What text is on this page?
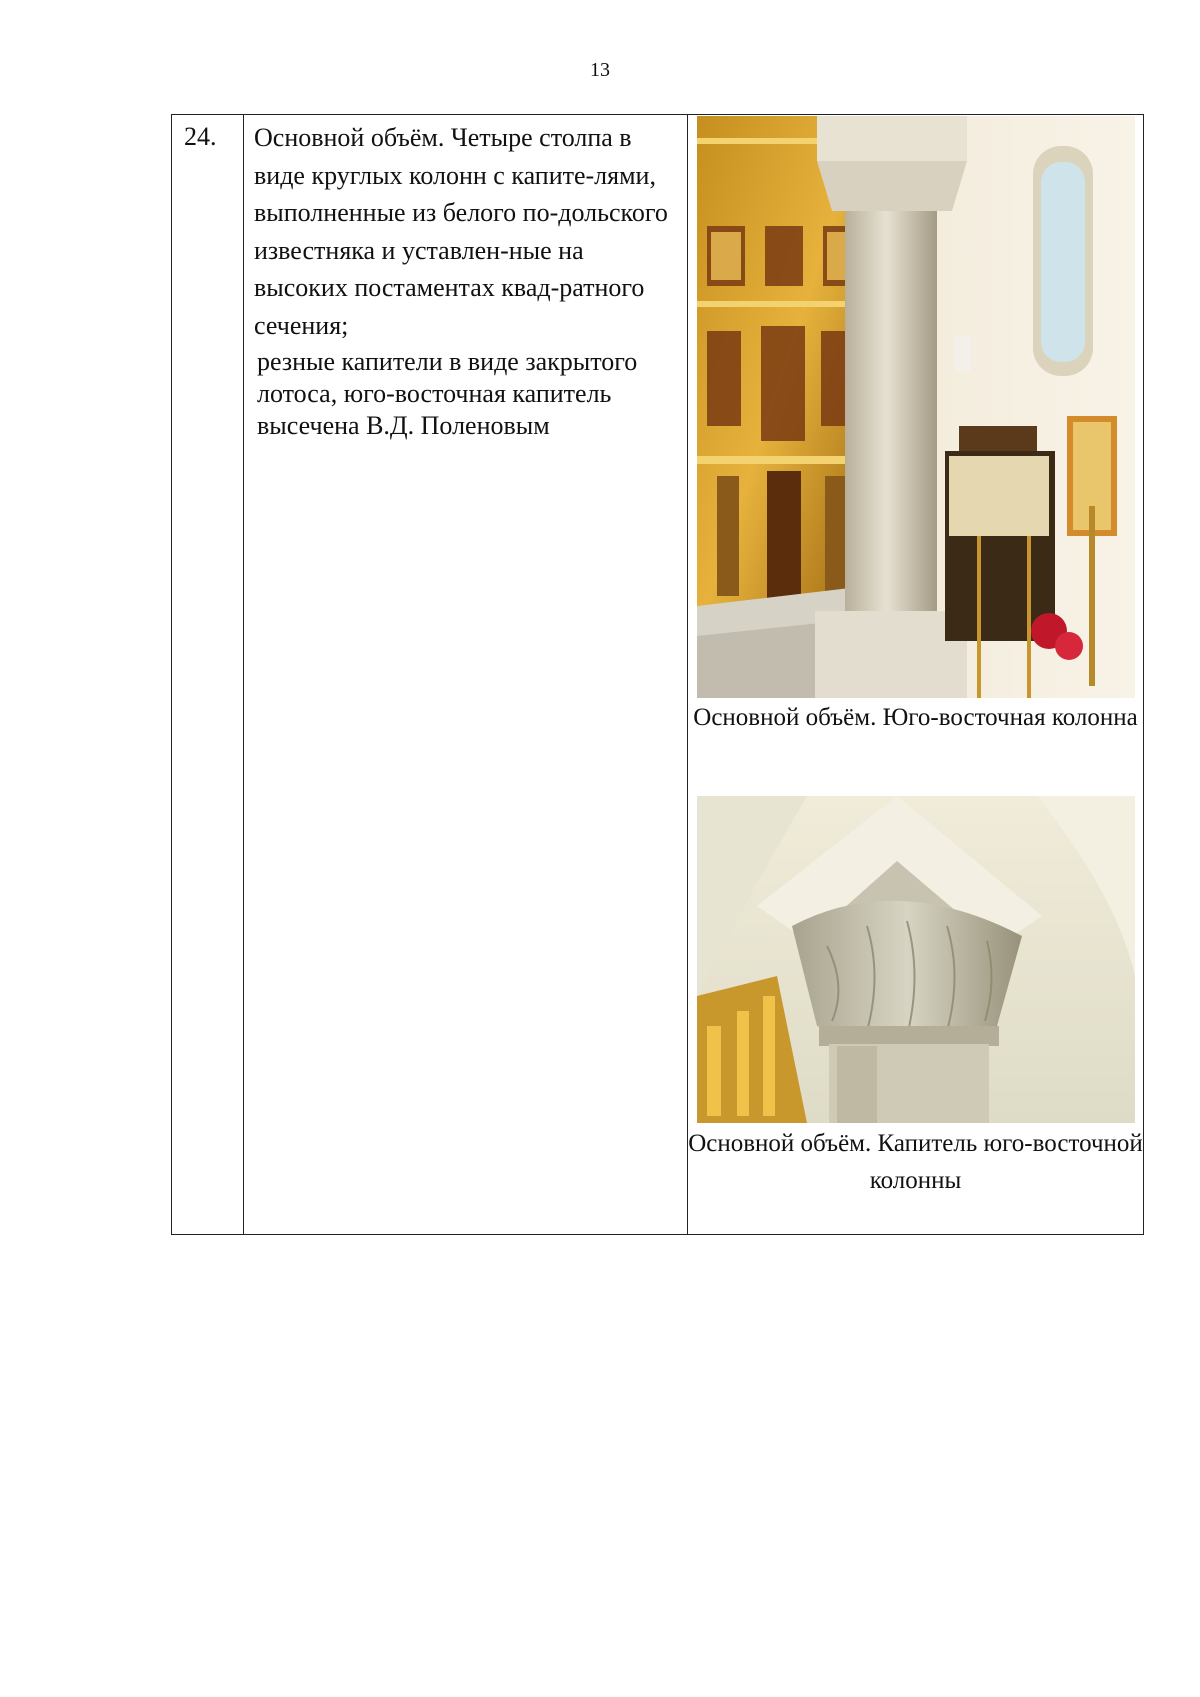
13
24.	Основной объём. Четыре столпа в виде круглых колонн с капите-лями, выполненные из белого по-дольского известняка и уставлен-ные на высоких постаментах квад-ратного сечения;
резные капители в виде закрытого лотоса, юго-восточная капитель высечена В.Д. Поленовым
Основной объём. Юго-восточная колонна
Основной объём. Капитель юго-восточной колонны
